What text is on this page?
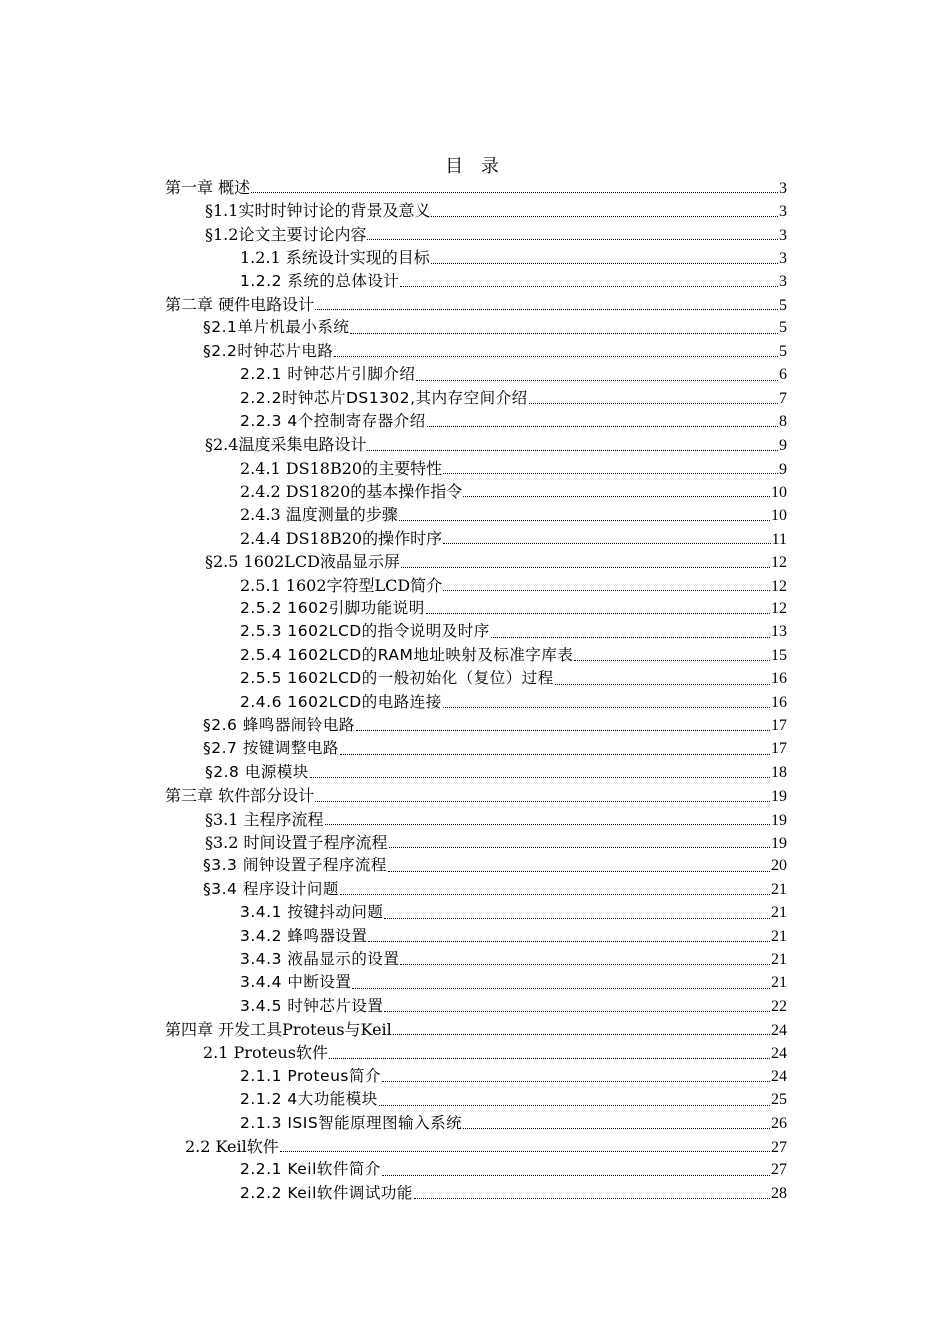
目 录
第一章 概述	3
§1.1实时时钟讨论的背景及意义	3
§1.2论文主要讨论内容	3
1.2.1 系统设计实现的目标	3
1.2.2 系统的总体设计	3
第二章 硬件电路设计	5
§2.1单片机最小系统	5
§2.2时钟芯片电路	5
2.2.1 时钟芯片引脚介绍	6
2.2.2时钟芯片DS1302,其内存空间介绍	7
2.2.3 4个控制寄存器介绍	8
§2.4温度采集电路设计	9
2.4.1 DS18B20的主要特性	9
2.4.2 DS1820的基本操作指令	10
2.4.3 温度测量的步骤	10
2.4.4 DS18B20的操作时序	11
§2.5 1602LCD液晶显示屏	12
2.5.1 1602字符型LCD简介	12
2.5.2 1602引脚功能说明	12
2.5.3 1602LCD的指令说明及时序	13
2.5.4 1602LCD的RAM地址映射及标准字库表	15
2.5.5 1602LCD的一般初始化（复位）过程	16
2.4.6 1602LCD的电路连接	16
§2.6 蜂鸣器闹铃电路	17
§2.7 按键调整电路	17
§2.8 电源模块	18
第三章 软件部分设计	19
§3.1 主程序流程	19
§3.2 时间设置子程序流程	19
§3.3 闹钟设置子程序流程	20
§3.4 程序设计问题	21
3.4.1 按键抖动问题	21
3.4.2 蜂鸣器设置	21
3.4.3 液晶显示的设置	21
3.4.4 中断设置	21
3.4.5 时钟芯片设置	22
第四章 开发工具Proteus与Keil	24
2.1 Proteus软件	24
2.1.1 Proteus简介	24
2.1.2 4大功能模块	25
2.1.3 ISIS智能原理图输入系统	26
2.2 Keil软件	27
2.2.1 Keil软件简介	27
2.2.2 Keil软件调试功能	28
